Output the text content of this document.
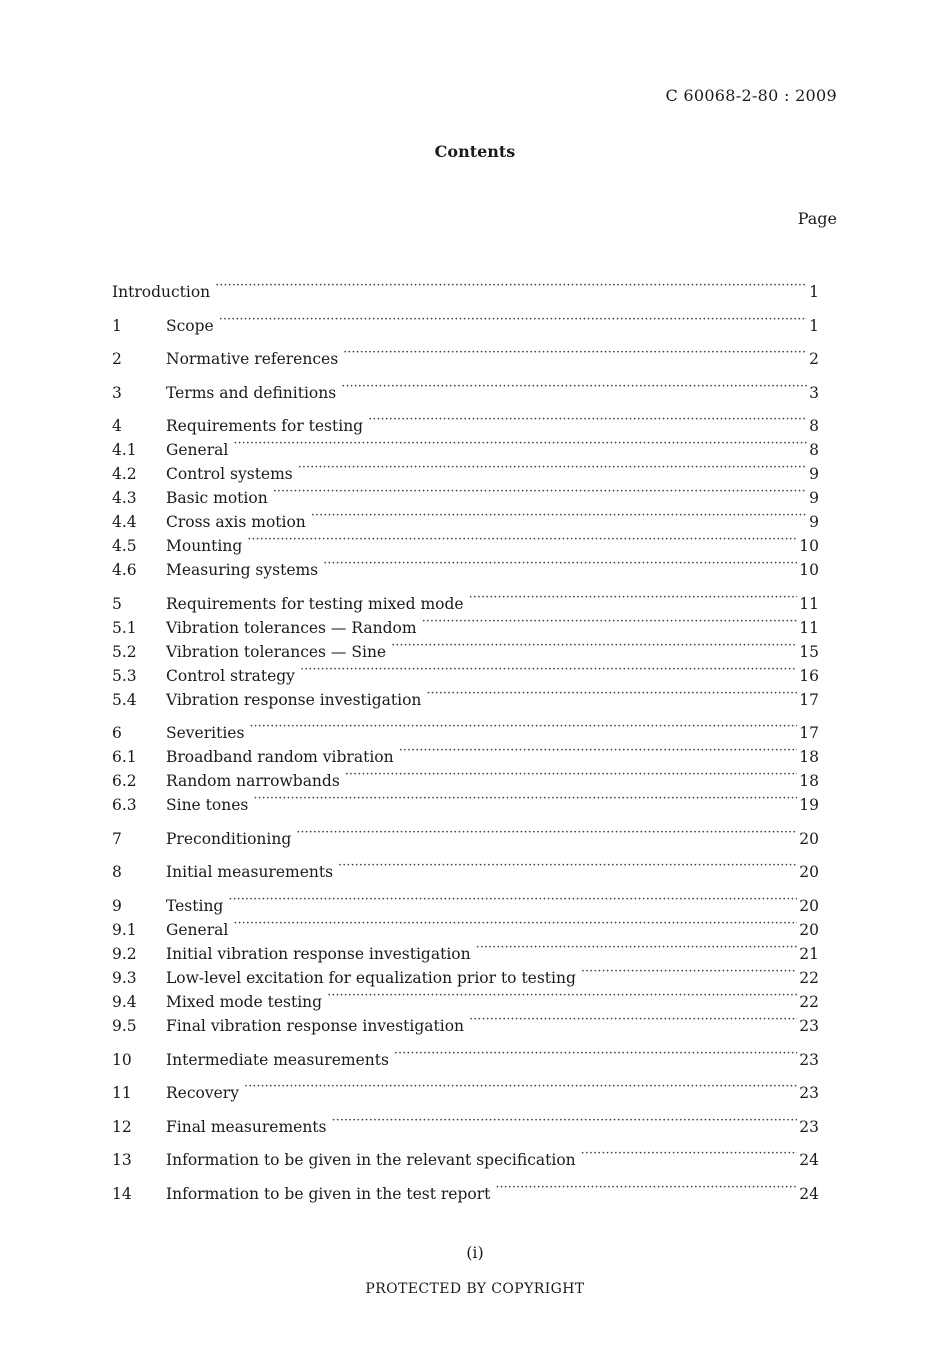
C 60068-2-80 : 2009
Contents
Page
Introduction ·····	1
1	Scope ·····	1
2	Normative references ·····	2
3	Terms and definitions ·····	3
4	Requirements for testing ·····	8
4.1	General ·····	8
4.2	Control systems ·····	9
4.3	Basic motion ·····	9
4.4	Cross axis motion ·····	9
4.5	Mounting ·····	10
4.6	Measuring systems ·····	10
5	Requirements for testing mixed mode ·····	11
5.1	Vibration tolerances — Random ·····	11
5.2	Vibration tolerances — Sine ·····	15
5.3	Control strategy ·····	16
5.4	Vibration response investigation ·····	17
6	Severities ·····	17
6.1	Broadband random vibration ·····	18
6.2	Random narrowbands ·····	18
6.3	Sine tones ·····	19
7	Preconditioning ·····	20
8	Initial measurements ·····	20
9	Testing ·····	20
9.1	General ·····	20
9.2	Initial vibration response investigation ·····	21
9.3	Low-level excitation for equalization prior to testing ·····	22
9.4	Mixed mode testing ·····	22
9.5	Final vibration response investigation ·····	23
10	Intermediate measurements ·····	23
11	Recovery ·····	23
12	Final measurements ·····	23
13	Information to be given in the relevant specification ·····	24
14	Information to be given in the test report ·····	24
(i)
PROTECTED BY COPYRIGHT
